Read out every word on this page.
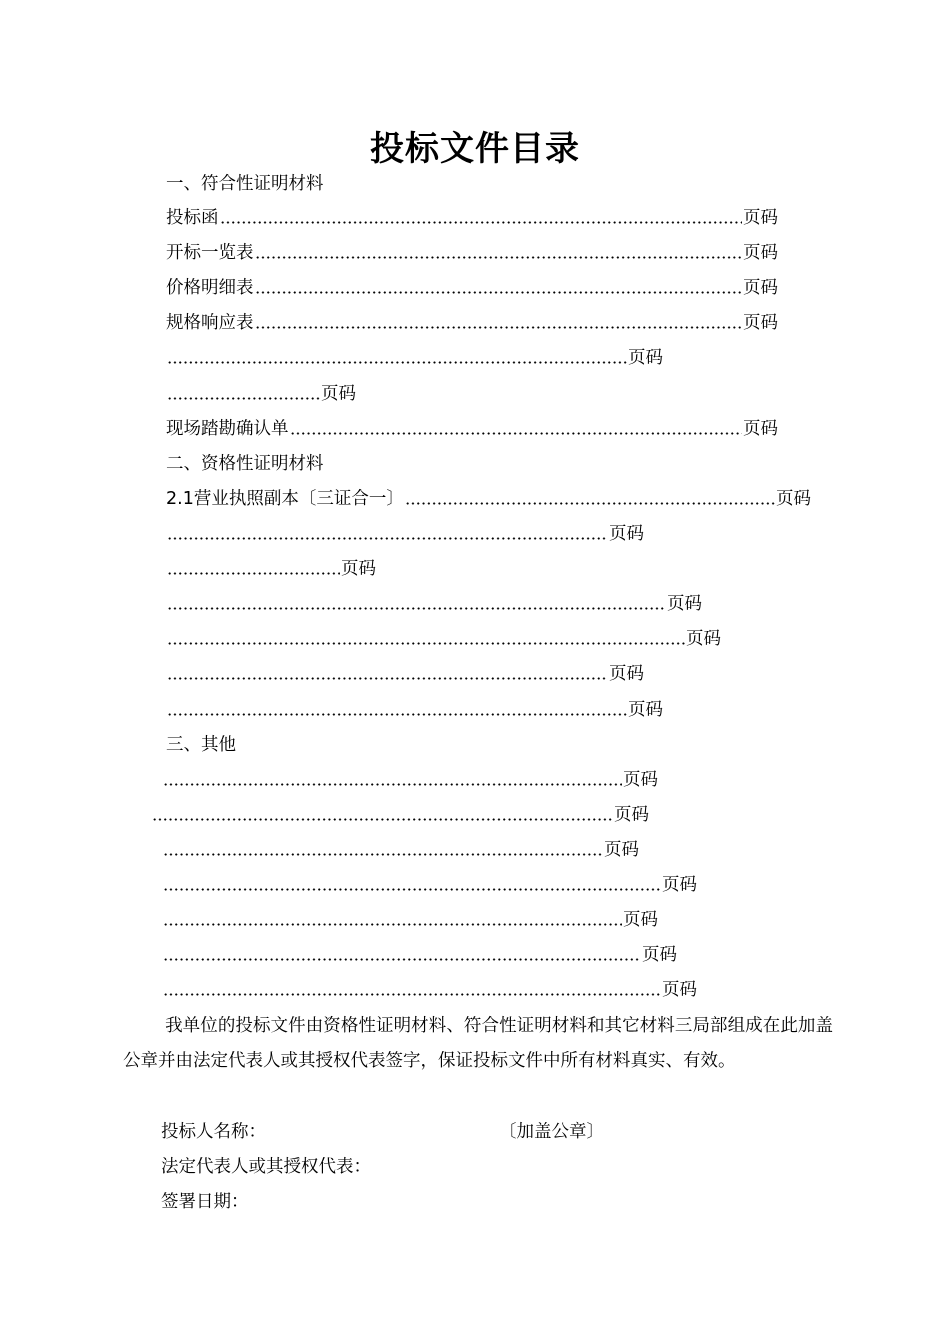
投标文件目录
一、符合性证明材料
投标函	页码
开标一览表	页码
价格明细表	页码
规格响应表	页码
页码
页码
现场踏勘确认单	页码
二、资格性证明材料
2.1营业执照副本〔三证合一〕	页码
页码
页码
页码
页码
页码
页码
三、其他
页码
页码
页码
页码
页码
页码
页码
我单位的投标文件由资格性证明材料、符合性证明材料和其它材料三局部组成在此加盖公章并由法定代表人或其授权代表签字，保证投标文件中所有材料真实、有效。
投标人名称：	〔加盖公章〕
法定代表人或其授权代表：
签署日期：
